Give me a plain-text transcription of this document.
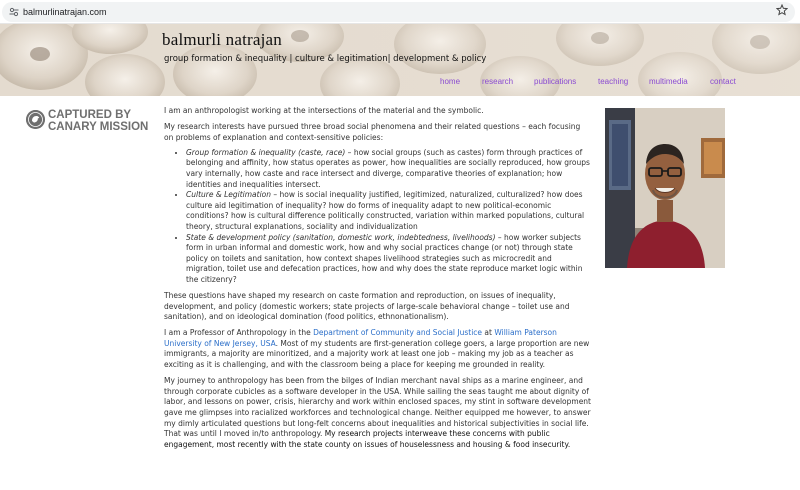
balmurlinatrajan.com
balmurli natrajan
group formation & inequality | culture & legitimation| development & policy
home	research	publications	teaching	multimedia	contact
CAPTURED BY
CANARY MISSION

I am an anthropologist working at the intersections of the material and the symbolic.

My research interests have pursued three broad social phenomena and their related questions – each focusing on problems of explanation and context-sensitive policies:

• Group formation & inequality (caste, race) – how social groups (such as castes) form through practices of belonging and affinity, how status operates as power, how inequalities are socially reproduced, how groups vary internally, how caste and race intersect and diverge, comparative theories of explanation; how identities and inequalities intersect.
• Culture & Legitimation – how is social inequality justified, legitimized, naturalized, culturalized? how does culture aid legitimation of inequality? how do forms of inequality adapt to new political-economic conditions? how is cultural difference politically constructed, variation within marked populations, cultural theory, structural explanations, sociality and individualization
• State & development policy (sanitation, domestic work, indebtedness, livelihoods) – how worker subjects form in urban informal and domestic work, how and why social practices change (or not) through state policy on toilets and sanitation, how context shapes livelihood strategies such as microcredit and migration, toilet use and defecation practices, how and why does the state reproduce market logic within the citizenry?

These questions have shaped my research on caste formation and reproduction, on issues of inequality, development, and policy (domestic workers; state projects of large-scale behavioral change – toilet use and sanitation), and on ideological domination (food politics, ethnonationalism).

I am a Professor of Anthropology in the Department of Community and Social Justice at William Paterson University of New Jersey, USA. Most of my students are first-generation college goers, a large proportion are new immigrants, a majority are minoritized, and a majority work at least one job – making my job as a teacher as exciting as it is challenging, and with the classroom being a place for keeping me grounded in reality.

My journey to anthropology has been from the bilges of Indian merchant naval ships as a marine engineer, and through corporate cubicles as a software developer in the USA. While sailing the seas taught me about dignity of labor, and lessons on power, crisis, hierarchy and work within enclosed spaces, my stint in software development gave me glimpses into racialized workforces and technological change. Neither equipped me however, to answer my dimly articulated questions but long-felt concerns about inequalities and historical subjectivities in social life. That was until I moved in/to anthropology. My research projects interweave these concerns with public engagement, most recently with the state county on issues of houselessness and housing & food insecurity.
